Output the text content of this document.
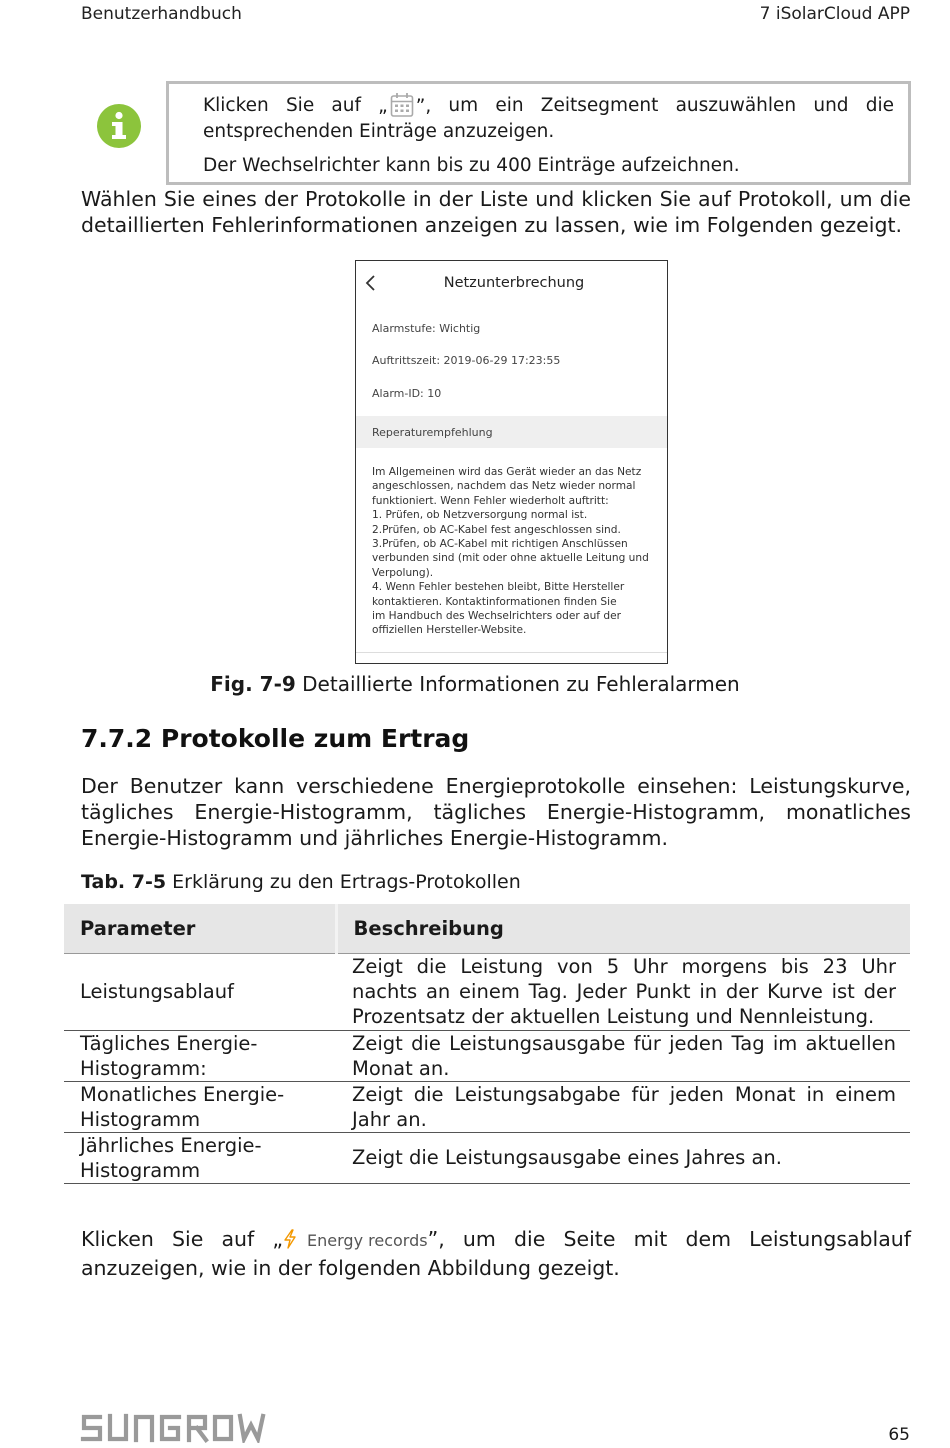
Benutzerhandbuch	7 iSolarCloud APP
Klicken Sie auf „ ”, um ein Zeitsegment auszuwählen und die

entsprechenden Einträge anzuzeigen.

Der Wechselrichter kann bis zu 400 Einträge aufzeichnen.

Wählen Sie eines der Protokolle in der Liste und klicken Sie auf Protokoll, um die detaillierten Fehlerinformationen anzeigen zu lassen, wie im Folgenden gezeigt.
Netzunterbrechung
Alarmstufe: Wichtig
Auftrittszeit: 2019-06-29 17:23:55
Alarm-ID: 10
Reperaturempfehlung
Im Allgemeinen wird das Gerät wieder an das Netz
angeschlossen, nachdem das Netz wieder normal
funktioniert. Wenn Fehler wiederholt auftritt:
1. Prüfen, ob Netzversorgung normal ist.
2.Prüfen, ob AC-Kabel fest angeschlossen sind.
3.Prüfen, ob AC-Kabel mit richtigen Anschlüssen
verbunden sind (mit oder ohne aktuelle Leitung und
Verpolung).
4. Wenn Fehler bestehen bleibt, Bitte Hersteller
kontaktieren. Kontaktinformationen finden Sie
im Handbuch des Wechselrichters oder auf der
offiziellen Hersteller-Website.
Fig. 7-9 Detaillierte Informationen zu Fehleralarmen
7.7.2 Protokolle zum Ertrag
Der Benutzer kann verschiedene Energieprotokolle einsehen: Leistungskurve, tägliches Energie-Histogramm, tägliches Energie-Histogramm, monatliches Energie-Histogramm und jährliches Energie-Histogramm.
Tab. 7-5 Erklärung zu den Ertrags-Protokollen
Parameter	Beschreibung
Leistungsablauf	Zeigt die Leistung von 5 Uhr morgens bis 23 Uhr nachts an einem Tag. Jeder Punkt in der Kurve ist der Prozentsatz der aktuellen Leistung und Nennleistung.
Tägliches Energie-Histogramm:	Zeigt die Leistungsausgabe für jeden Tag im aktuellen Monat an.
Monatliches Energie-Histogramm	Zeigt die Leistungsabgabe für jeden Monat in einem Jahr an.
Jährliches Energie-Histogramm	Zeigt die Leistungsausgabe eines Jahres an.
Klicken Sie auf „ Energy records”, um die Seite mit dem Leistungsablauf anzuzeigen, wie in der folgenden Abbildung gezeigt.
65
